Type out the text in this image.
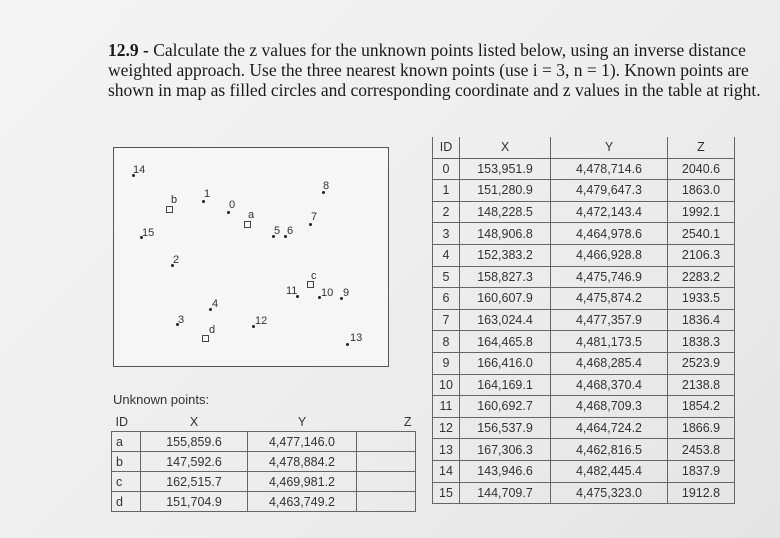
12.9 - Calculate the z values for the unknown points listed below, using an inverse distance weighted approach. Use the three nearest known points (use i = 3, n = 1). Known points are shown in map as filled circles and corresponding coordinate and z values in the table at right.
14
8
b 1
0
a	7
15	5 6
2
c
11 10 9
4
3
d
12
13
Unknown points:
ID	X	Y	Z
a	155,859.6	4,477,146.0	
b	147,592.6	4,478,884.2	
c	162,515.7	4,469,981.2	
d	151,704.9	4,463,749.2	
ID	X	Y	Z
0	153,951.9	4,478,714.6	2040.6
1	151,280.9	4,479,647.3	1863.0
2	148,228.5	4,472,143.4	1992.1
3	148,906.8	4,464,978.6	2540.1
4	152,383.2	4,466,928.8	2106.3
5	158,827.3	4,475,746.9	2283.2
6	160,607.9	4,475,874.2	1933.5
7	163,024.4	4,477,357.9	1836.4
8	164,465.8	4,481,173.5	1838.3
9	166,416.0	4,468,285.4	2523.9
10	164,169.1	4,468,370.4	2138.8
11	160,692.7	4,468,709.3	1854.2
12	156,537.9	4,464,724.2	1866.9
13	167,306.3	4,462,816.5	2453.8
14	143,946.6	4,482,445.4	1837.9
15	144,709.7	4,475,323.0	1912.8
